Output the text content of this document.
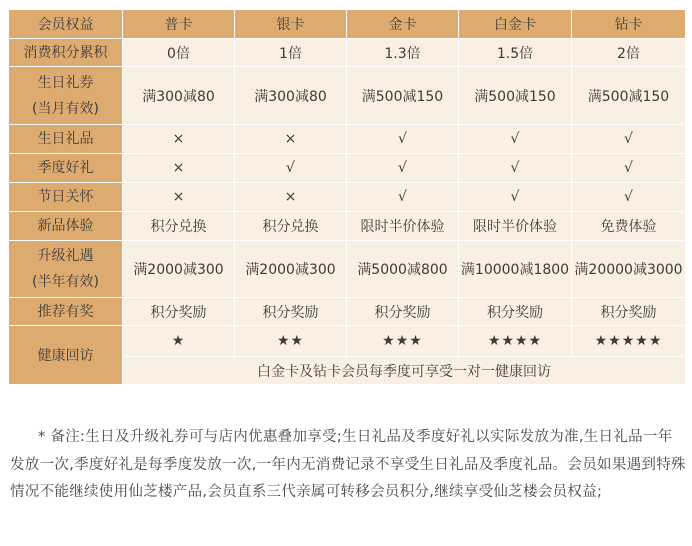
会员权益	普卡	银卡	金卡	白金卡	钻卡

消费积分累积	0倍	1倍	1.3倍	1.5倍	2倍

生日礼券
(当月有效)	满300减80	满300减80	满500减150	满500减150	满500减150

生日礼品	×	×	√	√	√

季度好礼	×	√	√	√	√

节日关怀	×	×	√	√	√

新品体验	积分兑换	积分兑换	限时半价体验	限时半价体验	免费体验

升级礼遇
(半年有效)	满2000减300	满2000减300	满5000减800	满10000减1800	满20000减3000

推荐有奖	积分奖励	积分奖励	积分奖励	积分奖励	积分奖励
健康回访	★	★★	★★★	★★★★	★★★★★
	白金卡及钻卡会员每季度可享受一对一健康回访				

* 备注:生日及升级礼券可与店内优惠叠加享受;生日礼品及季度好礼以实际发放为准,生日礼品一年发放一次,季度好礼是每季度发放一次,一年内无消费记录不享受生日礼品及季度礼品。会员如果遇到特殊情况不能继续使用仙芝楼产品,会员直系三代亲属可转移会员积分,继续享受仙芝楼会员权益;
